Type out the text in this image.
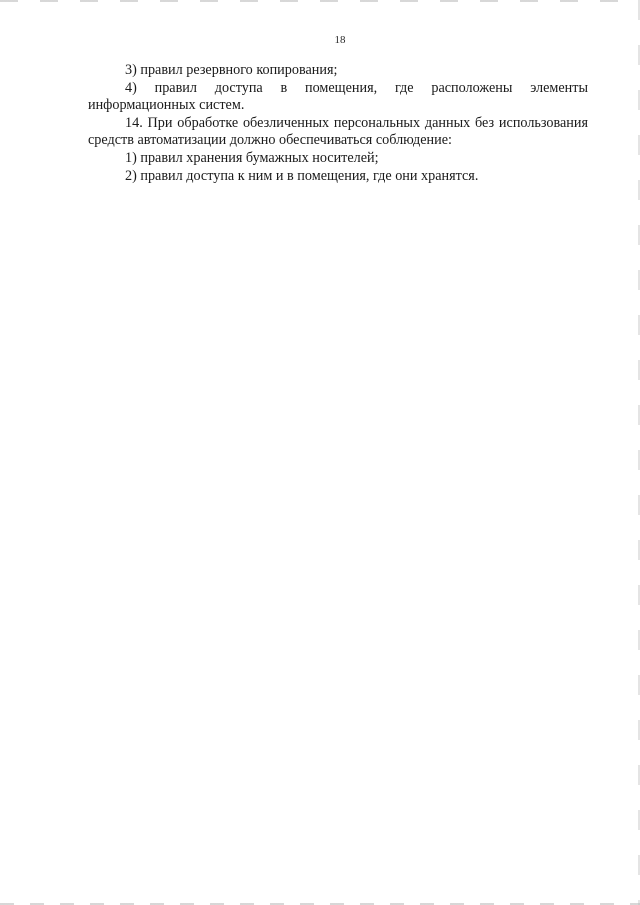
18

3) правил резервного копирования;

4) правил доступа в помещения, где расположены элементы информационных систем.

14. При обработке обезличенных персональных данных без использования средств автоматизации должно обеспечиваться соблюдение:

1) правил хранения бумажных носителей;

2) правил доступа к ним и в помещения, где они хранятся.
